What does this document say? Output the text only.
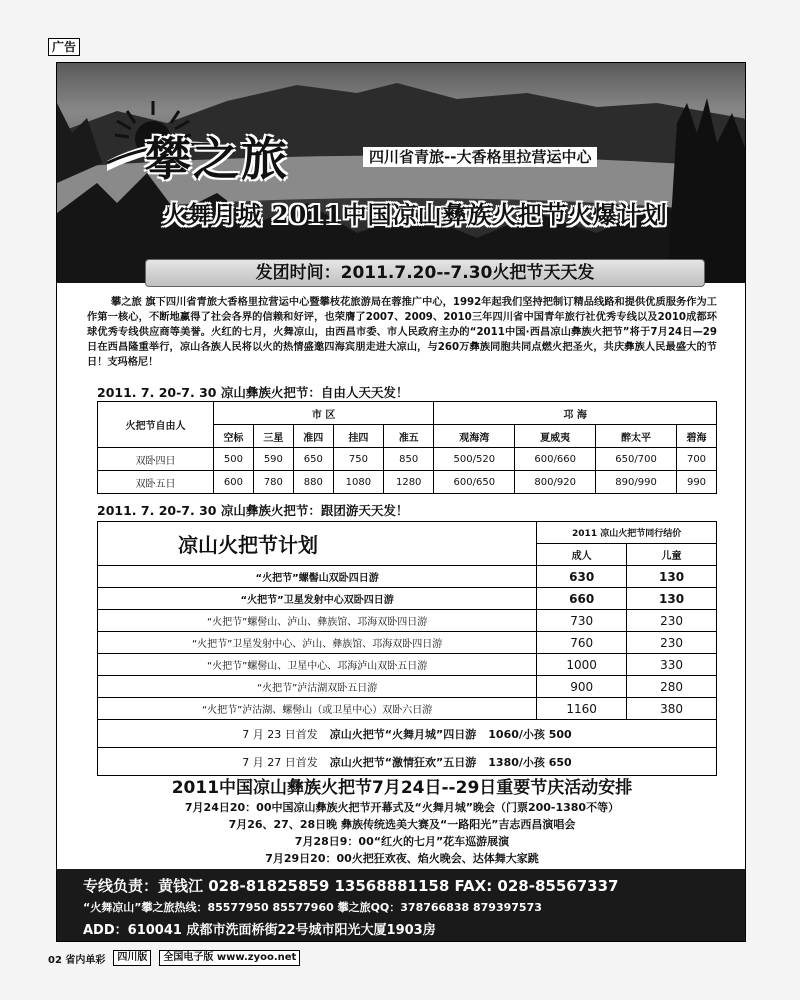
广告
攀之旅	四川省青旅--大香格里拉营运中心
火舞月城 2011中国凉山彝族火把节火爆计划
发团时间：2011.7.20--7.30火把节天天发
攀之旅 旗下四川省青旅大香格里拉营运中心暨攀枝花旅游局在蓉推广中心，1992年起我们坚持把制订精品线路和提供优质服务作为工作第一核心，不断地赢得了社会各界的信赖和好评，也荣膺了2007、2009、2010三年四川省中国青年旅行社优秀专线以及2010成都环球优秀专线供应商等美誉。火红的七月，火舞凉山，由西昌市委、市人民政府主办的“2011中国·西昌凉山彝族火把节”将于7月24日—29日在西昌隆重举行，凉山各族人民将以火的热情盛邀四海宾朋走进大凉山，与260万彝族同胞共同点燃火把圣火，共庆彝族人民最盛大的节日！支玛格尼！
2011. 7. 20-7. 30 凉山彝族火把节：自由人天天发！
火把节自由人	市 区					邛 海			
	空标	三星	准四	挂四	准五	观海湾	夏威夷	醉太平	碧海
双卧四日	500	590	650	750	850	500/520	600/660	650/700	700
双卧五日	600	780	880	1080	1280	600/650	800/920	890/990	990
2011. 7. 20-7. 30 凉山彝族火把节：跟团游天天发！
凉山火把节计划	2011 凉山火把节同行结价	
	成人	儿童
“火把节”螺髻山双卧四日游	630	130
“火把节”卫星发射中心双卧四日游	660	130
“火把节”螺髻山、泸山、彝族馆、邛海双卧四日游	730	230
“火把节”卫星发射中心、泸山、彝族馆、邛海双卧四日游	760	230
“火把节”螺髻山、卫星中心、邛海泸山双卧五日游	1000	330
“火把节”泸沽湖双卧五日游	900	280
“火把节”泸沽湖、螺髻山（或卫星中心）双卧六日游	1160	380
7 月 23 日首发 凉山火把节“火舞月城”四日游 1060/小孩 500		
7 月 27 日首发 凉山火把节“激情狂欢”五日游 1380/小孩 650		
2011中国凉山彝族火把节7月24日--29日重要节庆活动安排
7月24日20：00中国凉山彝族火把节开幕式及“火舞月城”晚会（门票200-1380不等）
7月26、27、28日晚 彝族传统选美大赛及“一路阳光”吉志西昌演唱会
7月28日9：00“红火的七月”花车巡游展演
7月29日20：00火把狂欢夜、焰火晚会、达体舞大家跳
专线负责：黄钱江 028-81825859 13568881158 FAX: 028-85567337
“火舞凉山”攀之旅热线：85577950 85577960 攀之旅QQ：378766838 879397573
ADD：610041 成都市洗面桥街22号城市阳光大厦1903房
02 省内单彩	四川版	全国电子版 www.zyoo.net
